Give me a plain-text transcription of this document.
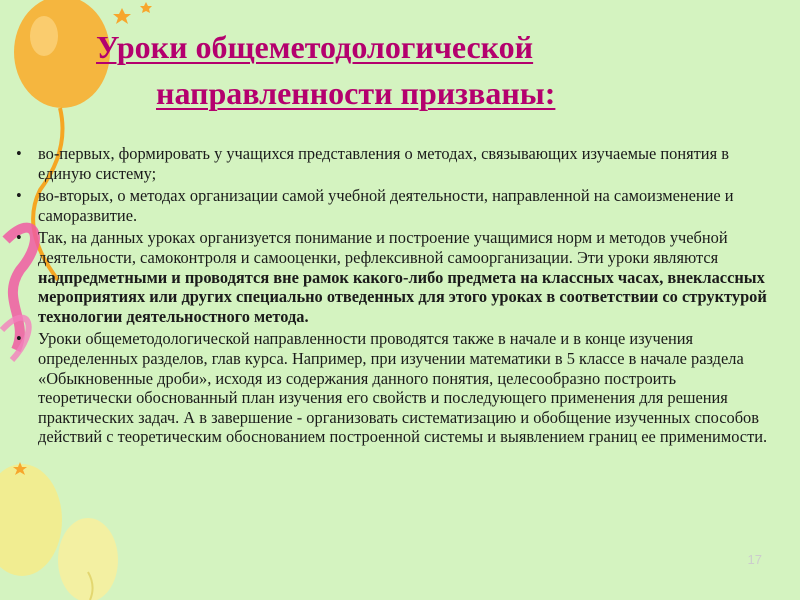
Уроки общеметодологической
направленности призваны:
• во-первых, формировать у учащихся представления о методах, связывающих изучаемые понятия в единую систему;
• во-вторых, о методах организации самой учебной деятельности, направленной на самоизменение и саморазвитие.
• Так, на данных уроках организуется понимание и построение учащимися норм и методов учебной деятельности, самоконтроля и самооценки, рефлексивной самоорганизации. Эти уроки являются надпредметными и проводятся вне рамок какого-либо предмета на классных часах, внеклассных мероприятиях или других специально отведенных для этого уроках в соответствии со структурой технологии деятельностного метода.
• Уроки общеметодологической направленности проводятся также в начале и в конце изучения определенных разделов, глав курса. Например, при изучении математики в 5 классе в начале раздела «Обыкновенные дроби», исходя из содержания данного понятия, целесообразно построить теоретически обоснованный план изучения его свойств и последующего применения для решения практических задач. А в завершение - организовать систематизацию и обобщение изученных способов действий с теоретическим обоснованием построенной системы и выявлением границ ее применимости.
17
